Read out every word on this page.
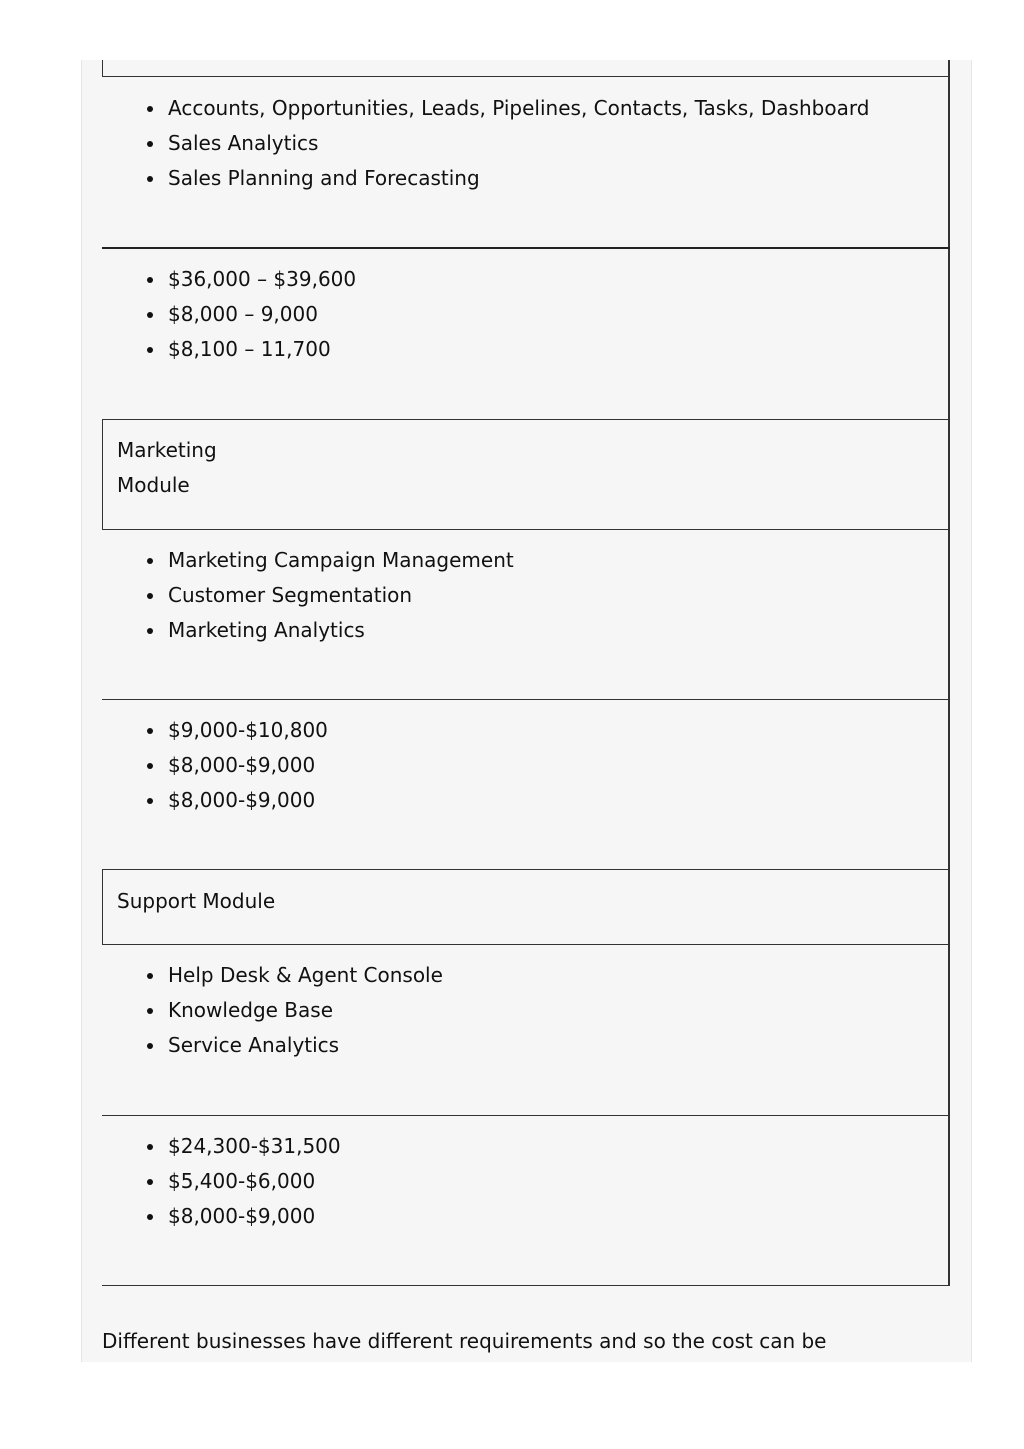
• Accounts, Opportunities, Leads, Pipelines, Contacts, Tasks, Dashboard
• Sales Analytics
• Sales Planning and Forecasting
• $36,000 – $39,600
• $8,000 – 9,000
• $8,100 – 11,700

Marketing

Module

• Marketing Campaign Management
• Customer Segmentation
• Marketing Analytics
• $9,000-$10,800
• $8,000-$9,000
• $8,000-$9,000

Support Module

• Help Desk & Agent Console
• Knowledge Base
• Service Analytics
• $24,300-$31,500
• $5,400-$6,000
• $8,000-$9,000

Different businesses have different requirements and so the cost can be
